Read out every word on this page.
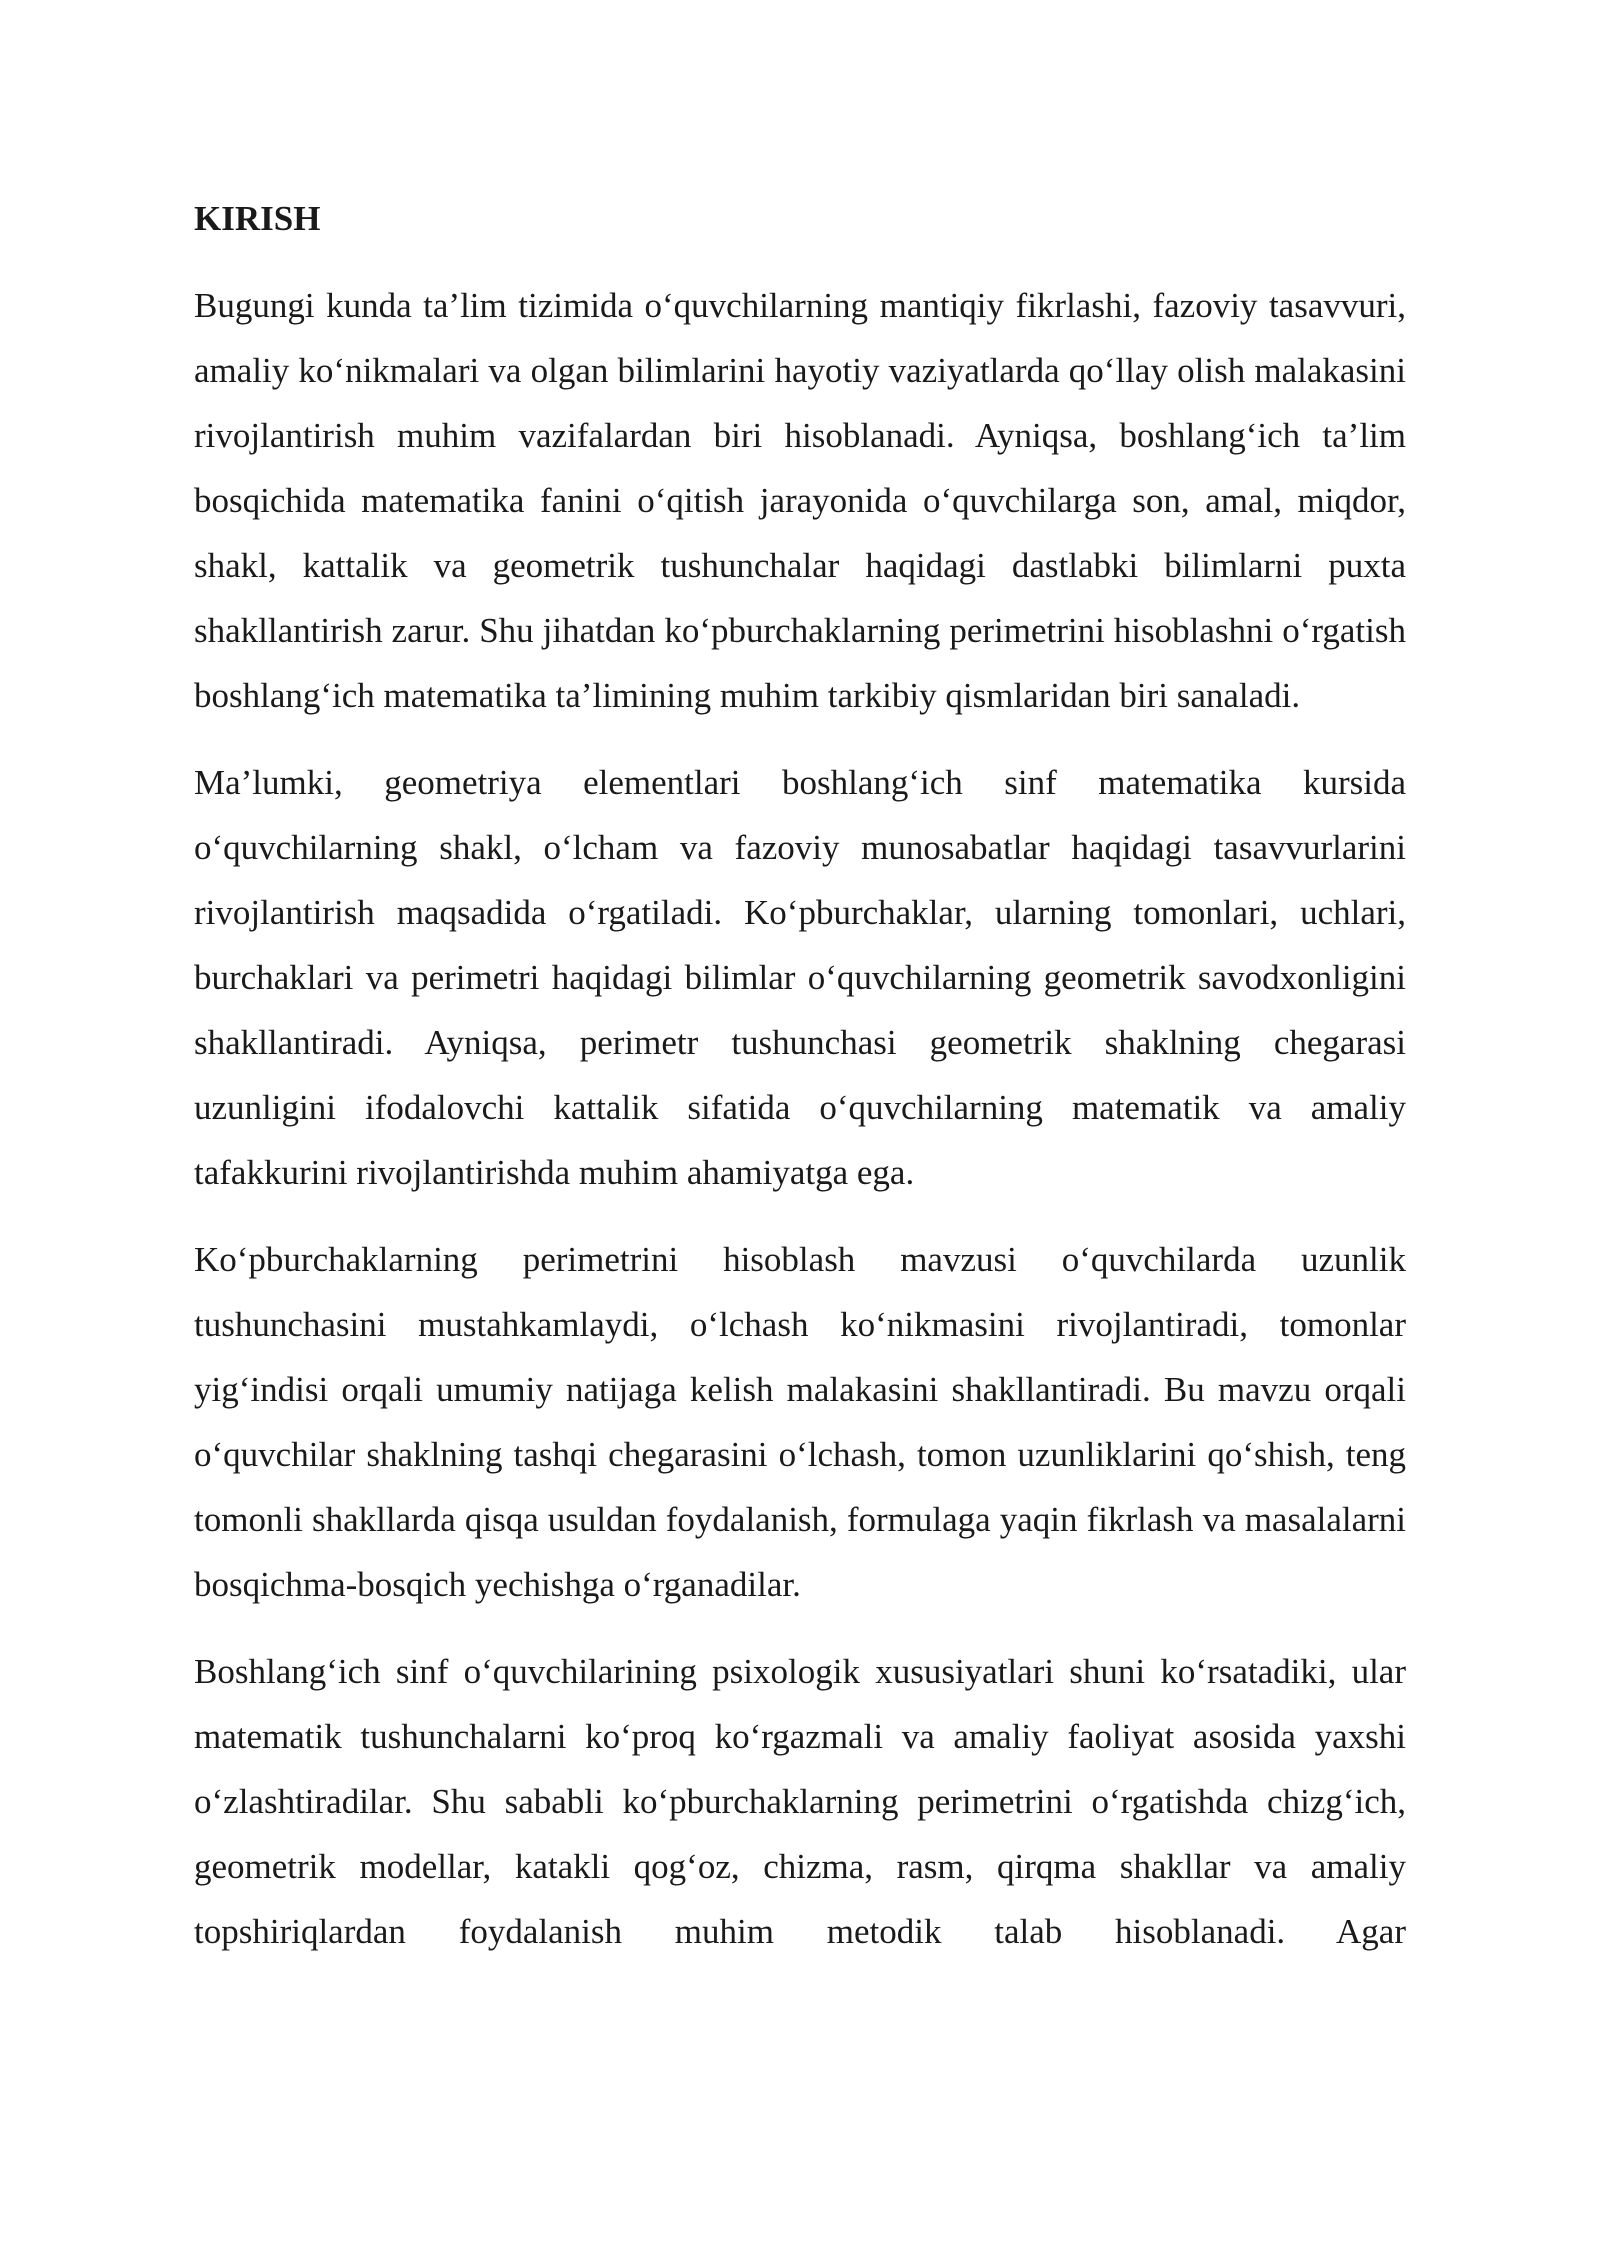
KIRISH

Bugungi kunda ta’lim tizimida o‘quvchilarning mantiqiy fikrlashi, fazoviy tasavvuri, amaliy ko‘nikmalari va olgan bilimlarini hayotiy vaziyatlarda qo‘llay olish malakasini rivojlantirish muhim vazifalardan biri hisoblanadi. Ayniqsa, boshlang‘ich ta’lim bosqichida matematika fanini o‘qitish jarayonida o‘quvchilarga son, amal, miqdor, shakl, kattalik va geometrik tushunchalar haqidagi dastlabki bilimlarni puxta shakllantirish zarur. Shu jihatdan ko‘pburchaklarning perimetrini hisoblashni o‘rgatish boshlang‘ich matematika ta’limining muhim tarkibiy qismlaridan biri sanaladi.

Ma’lumki, geometriya elementlari boshlang‘ich sinf matematika kursida o‘quvchilarning shakl, o‘lcham va fazoviy munosabatlar haqidagi tasavvurlarini rivojlantirish maqsadida o‘rgatiladi. Ko‘pburchaklar, ularning tomonlari, uchlari, burchaklari va perimetri haqidagi bilimlar o‘quvchilarning geometrik savodxonligini shakllantiradi. Ayniqsa, perimetr tushunchasi geometrik shaklning chegarasi uzunligini ifodalovchi kattalik sifatida o‘quvchilarning matematik va amaliy tafakkurini rivojlantirishda muhim ahamiyatga ega.

Ko‘pburchaklarning perimetrini hisoblash mavzusi o‘quvchilarda uzunlik tushunchasini mustahkamlaydi, o‘lchash ko‘nikmasini rivojlantiradi, tomonlar yig‘indisi orqali umumiy natijaga kelish malakasini shakllantiradi. Bu mavzu orqali o‘quvchilar shaklning tashqi chegarasini o‘lchash, tomon uzunliklarini qo‘shish, teng tomonli shakllarda qisqa usuldan foydalanish, formulaga yaqin fikrlash va masalalarni bosqichma-bosqich yechishga o‘rganadilar.

Boshlang‘ich sinf o‘quvchilarining psixologik xususiyatlari shuni ko‘rsatadiki, ular matematik tushunchalarni ko‘proq ko‘rgazmali va amaliy faoliyat asosida yaxshi o‘zlashtiradilar. Shu sababli ko‘pburchaklarning perimetrini o‘rgatishda chizg‘ich, geometrik modellar, katakli qog‘oz, chizma, rasm, qirqma shakllar va amaliy topshiriqlardan foydalanish muhim metodik talab hisoblanadi. Agar
